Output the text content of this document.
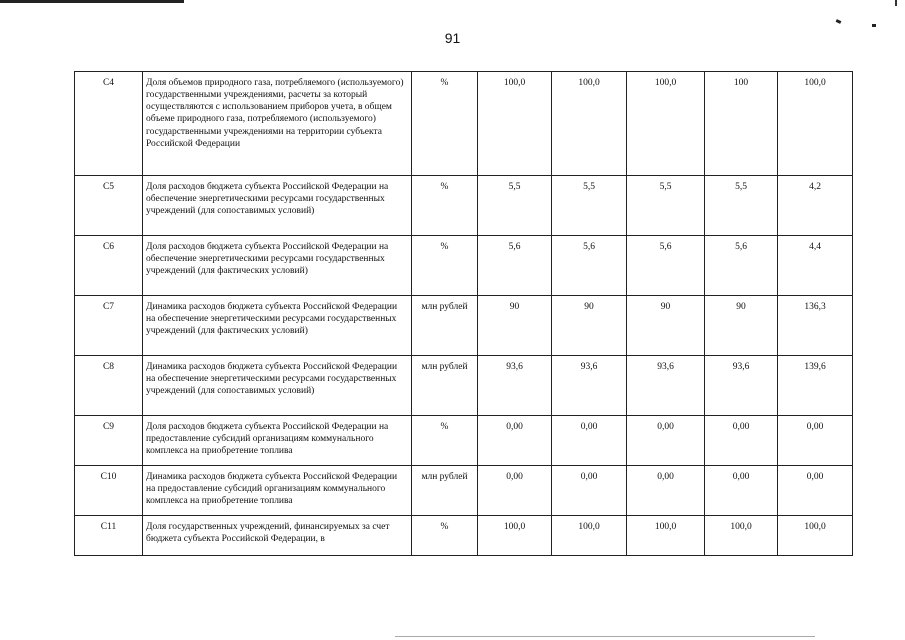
91
С4	Доля объемов природного газа, потребляемого (используемого) государственными учреждениями, расчеты за который осуществляются с использованием приборов учета, в общем объеме природного газа, потребляемого (используемого) государственными учреждениями на территории субъекта Российской Федерации	%	100,0	100,0	100,0	100	100,0
С5	Доля расходов бюджета субъекта Российской Федерации на обеспечение энергетическими ресурсами государственных учреждений (для сопоставимых условий)	%	5,5	5,5	5,5	5,5	4,2
С6	Доля расходов бюджета субъекта Российской Федерации на обеспечение энергетическими ресурсами государственных учреждений (для фактических условий)	%	5,6	5,6	5,6	5,6	4,4
С7	Динамика расходов бюджета субъекта Российской Федерации на обеспечение энергетическими ресурсами государственных учреждений (для фактических условий)	млн рублей	90	90	90	90	136,3
С8	Динамика расходов бюджета субъекта Российской Федерации на обеспечение энергетическими ресурсами государственных учреждений (для сопоставимых условий)	млн рублей	93,6	93,6	93,6	93,6	139,6
С9	Доля расходов бюджета субъекта Российской Федерации на предоставление субсидий организациям коммунального комплекса на приобретение топлива	%	0,00	0,00	0,00	0,00	0,00
С10	Динамика расходов бюджета субъекта Российской Федерации на предоставление субсидий организациям коммунального комплекса на приобретение топлива	млн рублей	0,00	0,00	0,00	0,00	0,00
С11	Доля государственных учреждений, финансируемых за счет бюджета субъекта Российской Федерации, в	%	100,0	100,0	100,0	100,0	100,0
